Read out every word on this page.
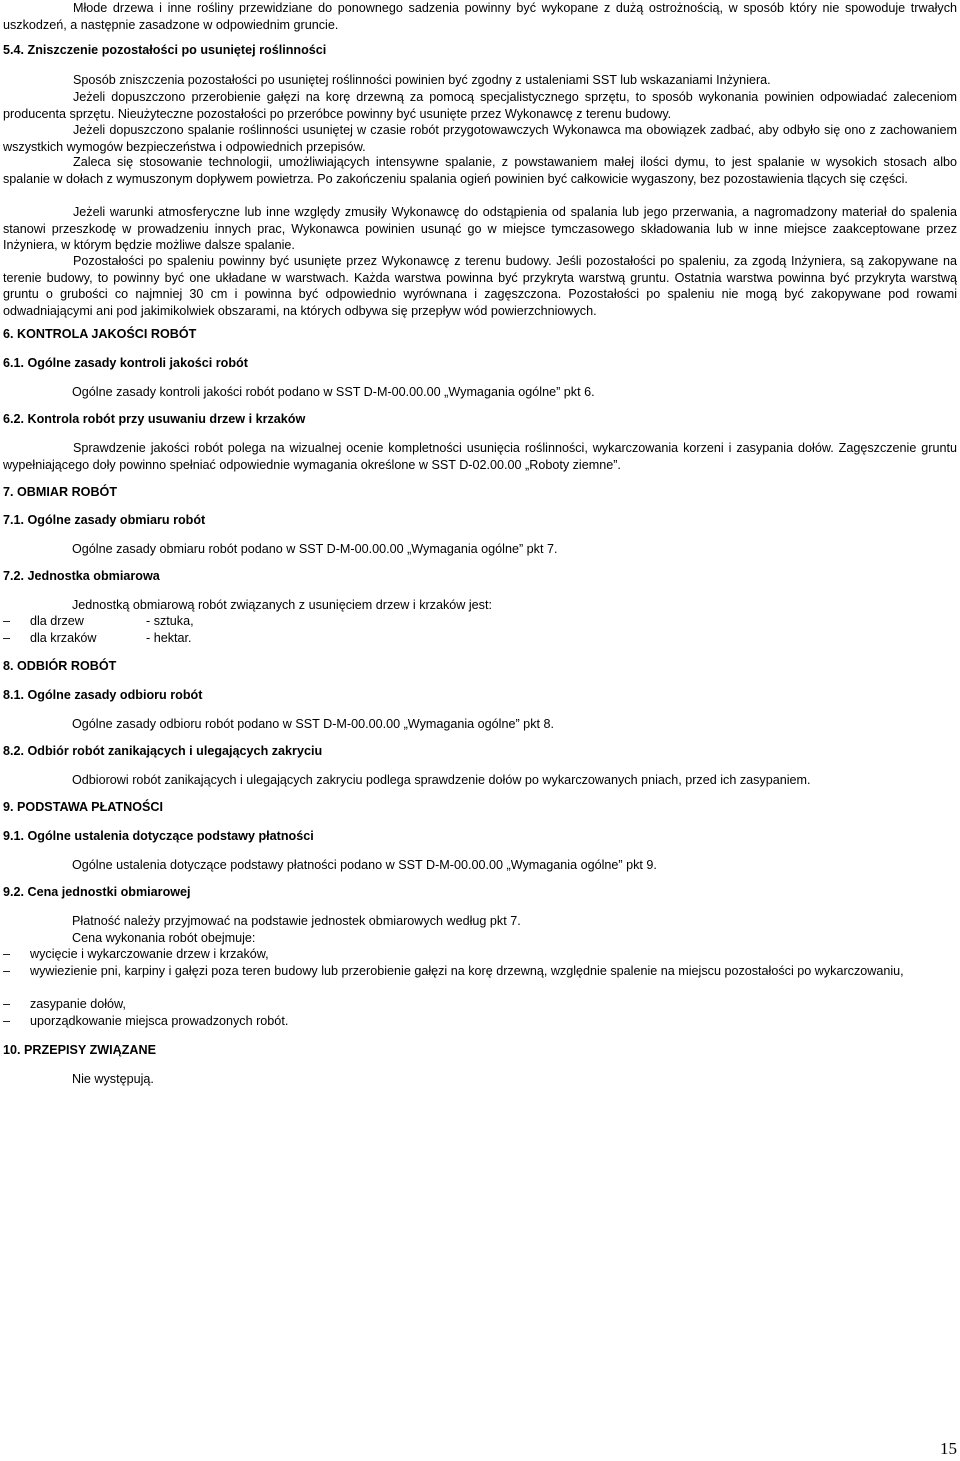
Młode drzewa i inne rośliny przewidziane do ponownego sadzenia powinny być wykopane z dużą ostrożnością, w sposób który nie spowoduje trwałych uszkodzeń, a następnie zasadzone w odpowiednim gruncie.

5.4. Zniszczenie pozostałości po usuniętej roślinności

Sposób zniszczenia pozostałości po usuniętej roślinności powinien być zgodny z ustaleniami SST lub wskazaniami Inżyniera.

Jeżeli dopuszczono przerobienie gałęzi na korę drzewną za pomocą specjalistycznego sprzętu, to sposób wykonania powinien odpowiadać zaleceniom producenta sprzętu. Nieużyteczne pozostałości po przeróbce powinny być usunięte przez Wykonawcę z terenu budowy.

Jeżeli dopuszczono spalanie roślinności usuniętej w czasie robót przygotowawczych Wykonawca ma obowiązek zadbać, aby odbyło się ono z zachowaniem wszystkich wymogów bezpieczeństwa i odpowiednich przepisów.

Zaleca się stosowanie technologii, umożliwiających intensywne spalanie, z powstawaniem małej ilości dymu, to jest spalanie w wysokich stosach albo spalanie w dołach z wymuszonym dopływem powietrza. Po zakończeniu spalania ogień powinien być całkowicie wygaszony, bez pozostawienia tlących się części.

Jeżeli warunki atmosferyczne lub inne względy zmusiły Wykonawcę do odstąpienia od spalania lub jego przerwania, a nagromadzony materiał do spalenia stanowi przeszkodę w prowadzeniu innych prac, Wykonawca powinien usunąć go w miejsce tymczasowego składowania lub w inne miejsce zaakceptowane przez Inżyniera, w którym będzie możliwe dalsze spalanie.

Pozostałości po spaleniu powinny być usunięte przez Wykonawcę z terenu budowy. Jeśli pozostałości po spaleniu, za zgodą Inżyniera, są zakopywane na terenie budowy, to powinny być one układane w warstwach. Każda warstwa powinna być przykryta warstwą gruntu. Ostatnia warstwa powinna być przykryta warstwą gruntu o grubości co najmniej 30 cm i powinna być odpowiednio wyrównana i zagęszczona. Pozostałości po spaleniu nie mogą być zakopywane pod rowami odwadniającymi ani pod jakimikolwiek obszarami, na których odbywa się przepływ wód powierzchniowych.

6. KONTROLA JAKOŚCI ROBÓT

6.1. Ogólne zasady kontroli jakości robót

Ogólne zasady kontroli jakości robót podano w SST D-M-00.00.00 „Wymagania ogólne” pkt 6.

6.2. Kontrola robót przy usuwaniu drzew i krzaków

Sprawdzenie jakości robót polega na wizualnej ocenie kompletności usunięcia roślinności, wykarczowania korzeni i zasypania dołów. Zagęszczenie gruntu wypełniającego doły powinno spełniać odpowiednie wymagania określone w SST D-02.00.00 „Roboty ziemne”.

7. OBMIAR ROBÓT

7.1. Ogólne zasady obmiaru robót

Ogólne zasady obmiaru robót podano w SST D-M-00.00.00 „Wymagania ogólne” pkt 7.

7.2. Jednostka obmiarowa

Jednostką obmiarową robót związanych z usunięciem drzew i krzaków jest:

– dla drzew	- sztuka,

– dla krzaków	- hektar.

8. ODBIÓR ROBÓT

8.1. Ogólne zasady odbioru robót

Ogólne zasady odbioru robót podano w SST D-M-00.00.00 „Wymagania ogólne” pkt 8.

8.2. Odbiór robót zanikających i ulegających zakryciu

Odbiorowi robót zanikających i ulegających zakryciu podlega sprawdzenie dołów po wykarczowanych pniach, przed ich zasypaniem.

9. PODSTAWA PŁATNOŚCI

9.1. Ogólne ustalenia dotyczące podstawy płatności

Ogólne ustalenia dotyczące podstawy płatności podano w SST D-M-00.00.00 „Wymagania ogólne” pkt 9.

9.2. Cena jednostki obmiarowej

Płatność należy przyjmować na podstawie jednostek obmiarowych według pkt 7.

Cena wykonania robót obejmuje:

– wycięcie i wykarczowanie drzew i krzaków,

– wywiezienie pni, karpiny i gałęzi poza teren budowy lub przerobienie gałęzi na korę drzewną, względnie spalenie na miejscu pozostałości po wykarczowaniu,

– zasypanie dołów,

– uporządkowanie miejsca prowadzonych robót.

10. PRZEPISY ZWIĄZANE

Nie występują.

15
